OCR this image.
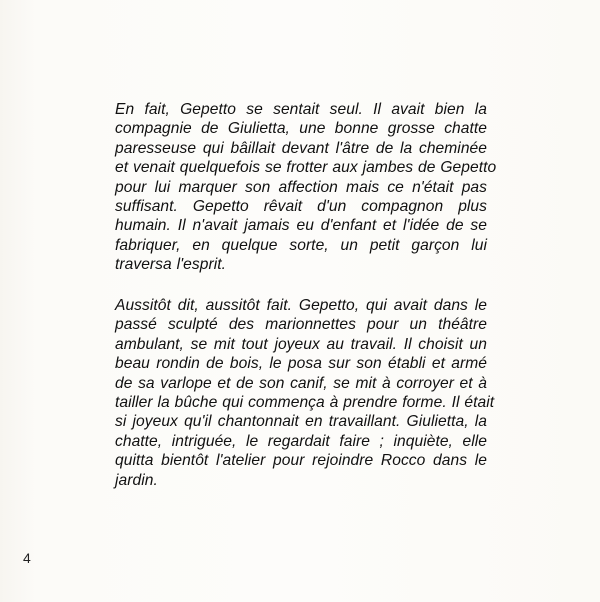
En fait, Gepetto se sentait seul. Il avait bien la
compagnie de Giulietta, une bonne grosse chatte
paresseuse qui bâillait devant l'âtre de la cheminée
et venait quelquefois se frotter aux jambes de Gepetto
pour lui marquer son affection mais ce n'était pas
suffisant. Gepetto rêvait d'un compagnon plus
humain. Il n'avait jamais eu d'enfant et l'idée de se
fabriquer, en quelque sorte, un petit garçon lui
traversa l'esprit.
Aussitôt dit, aussitôt fait. Gepetto, qui avait dans le
passé sculpté des marionnettes pour un théâtre
ambulant, se mit tout joyeux au travail. Il choisit un
beau rondin de bois, le posa sur son établi et armé
de sa varlope et de son canif, se mit à corroyer et à
tailler la bûche qui commença à prendre forme. Il était
si joyeux qu'il chantonnait en travaillant. Giulietta, la
chatte, intriguée, le regardait faire ; inquiète, elle
quitta bientôt l'atelier pour rejoindre Rocco dans le
jardin.
4
